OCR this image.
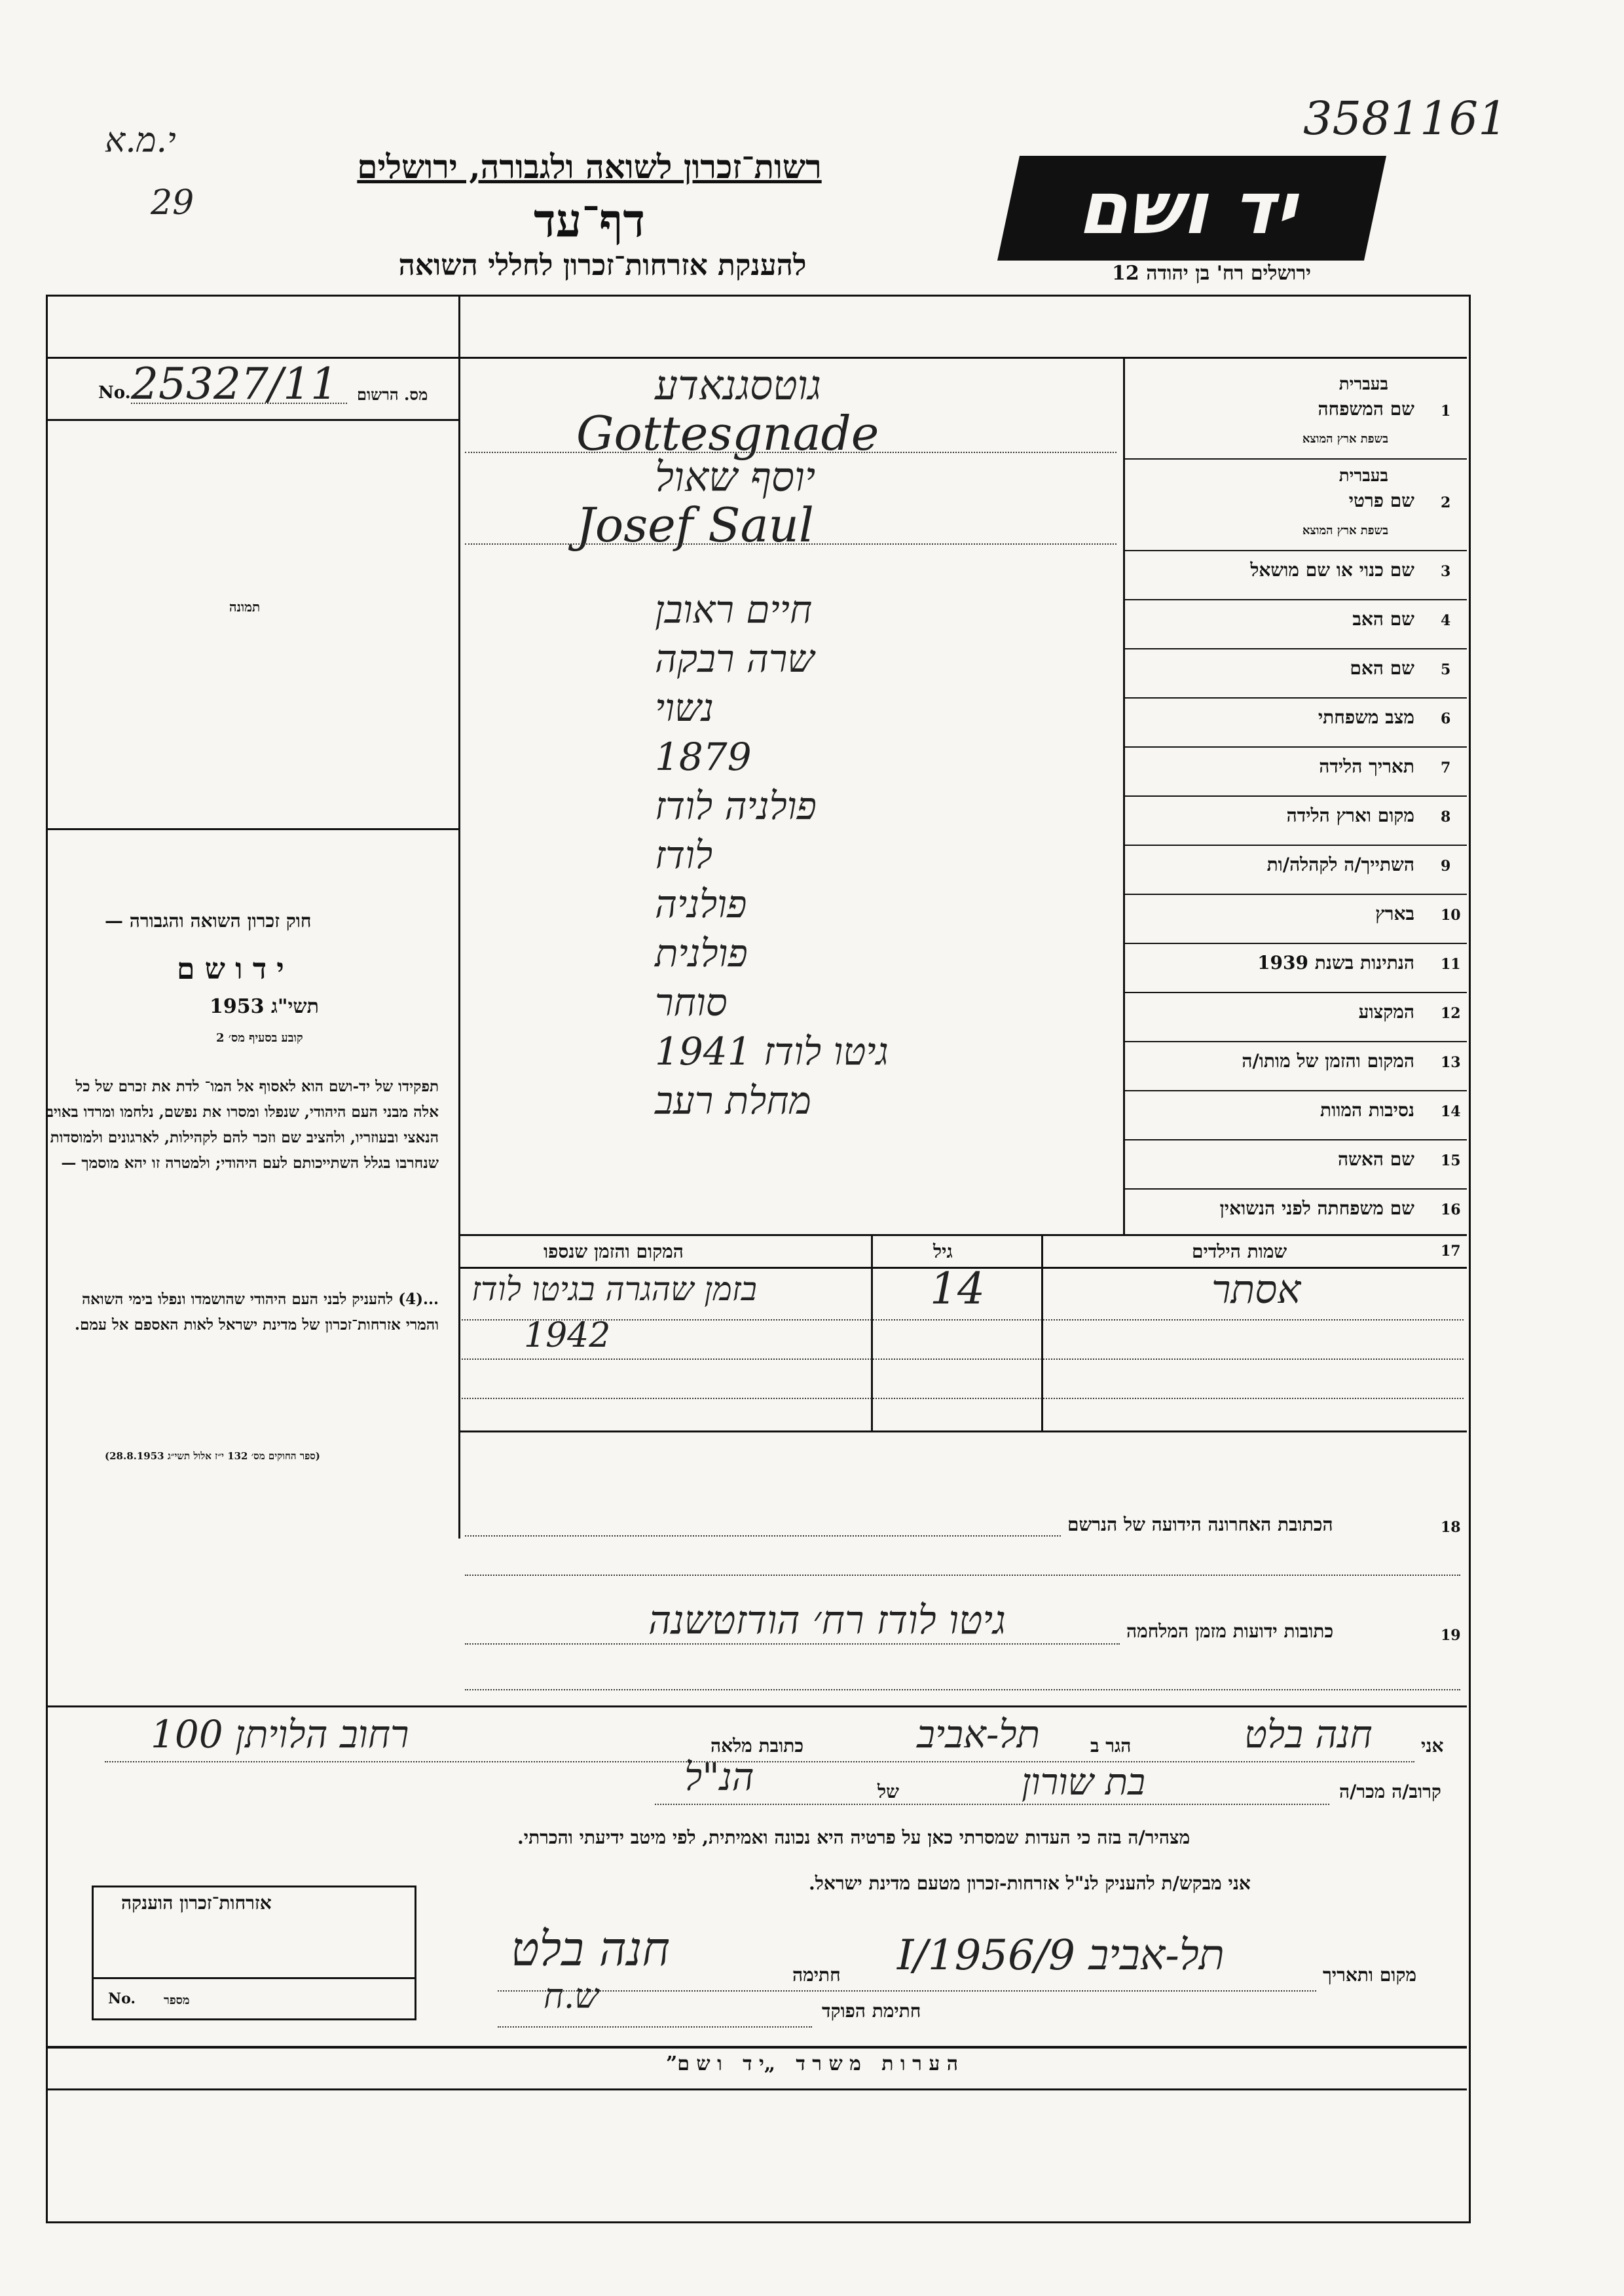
י.מ.א
29
3581161
רשות־זכרון לשואה ולגבורה, ירושלים
דף־עד
להענקת אזרחות־זכרון לחללי השואה
יד ושם
ירושלים רח' בן יהודה 12
No. 25327/11 מס. הרשום
תמונה
1
שם המשפחה
בעברית
בשפת ארץ המוצא
גוטסגנאדע
Gottesgnade
2
שם פרטי
בעברית
בשפת ארץ המוצא
יוסף שאול
Josef Saul
3
שם כנוי או שם מושאל
4
שם האב
חיים ראובן
5
שם האם
שרה רבקה
6
מצב משפחתי
נשוי
7
תאריך הלידה
1879
8
מקום וארץ הלידה
פולניה לודז
9
השתייך/ה לקהלה/ות
לודז
10
בארץ
פולניה
11
הנתינות בשנת 1939
פולנית
12
המקצוע
סוחר
13
המקום והזמן של מותו/ה
גיטו לודז 1941
14
נסיבות המוות
מחלת רעב
15
שם האשה
16
שם משפחתה לפני הנשואין
חוק זכרון השואה והגבורה —
י ד ו ש ם
תשי"ג 1953
קובע בסעיף מס׳ 2
תפקידו של יד-ושם הוא לאסוף אל המו־ לדת את זכרם של כל אלה מבני העם היהודי, שנפלו ומסרו את נפשם, נלחמו ומרדו באויב הנאצי ובעוזריו, ולהציב שם וזכר להם לקהילות, לארגונים ולמוסדות שנחרבו בגלל השתייכותם לעם היהודי; ולמטרה זו יהא מוסמך —
...(4) להעניק לבני העם היהודי שהושמדו ונפלו בימי השואה והמרי אזרחות־זכרון של מדינת ישראל לאות האספם אל עמם.
(ספר החוקים מס׳ 132 י״ז אלול תשי״ג 28.8.1953)
17
שמות הילדים
גיל
המקום והזמן שנספו
אסתר
14
בזמן שהגרה בגיטו לודז
1942
18
הכתובת האחרונה הידועה של הנרשם
19
כתובות ידועות מזמן המלחמה
גיטו לודז רח׳ הודזטשנה
אני
חנה בלט
הגר ב
תל-אביב
כתובת מלאה
רחוב הלויתן 100
קרוב/ה מכר/ה
בת שורון
של
הנ"ל
מצהיר/ה בזה כי העדות שמסרתי כאן על פרטיה היא נכונה ואמיתית, לפי מיטב ידיעתי והכרתי.
אני מבקש/ת להעניק לנ"ל אזרחות-זכרון מטעם מדינת ישראל.
מקום ותאריך
תל-אביב 9/I/1956
חתימה
חנה בלט
חתימת הפוקד
ש.ח
אזרחות־זכרון הוענקה
No. מספר
ה ע ר ו ת   מ ש ר ד   „י ד   ו ש ם”
